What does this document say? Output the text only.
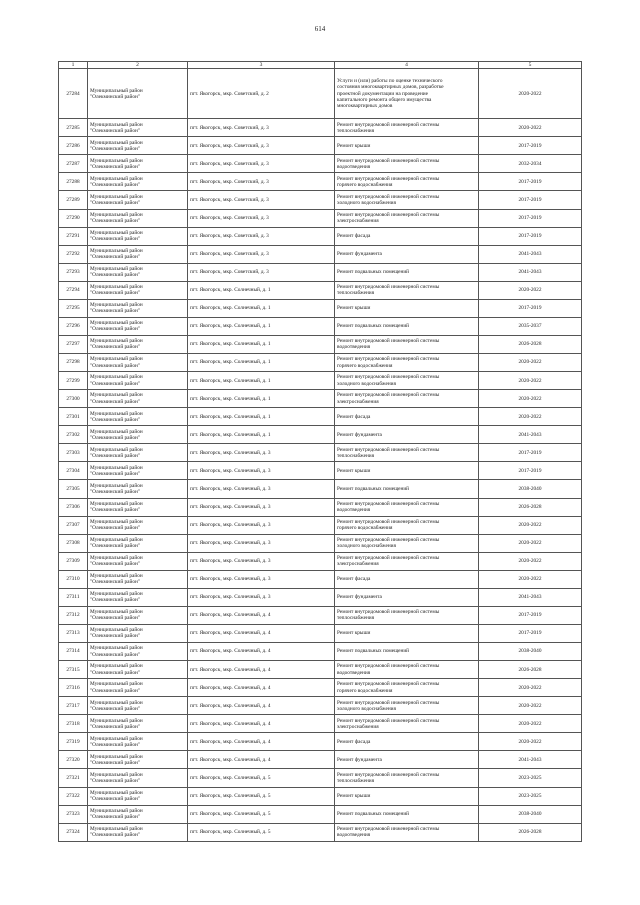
614
1	2	3	4	5
27284	Муниципальный район
"Олекминский район"	пгт. Якогорск, мкр. Советский, д. 2	Услуги и (или) работы по оценке технического
состояния многоквартирных домов, разработке
проектной документации на проведение
капитального ремонта общего имущества
многоквартирных домов	2020-2022
27285	Муниципальный район
"Олекминский район"	пгт. Якогорск, мкр. Советский, д. 3	Ремонт внутридомовой инженерной системы
теплоснабжения	2020-2022
27286	Муниципальный район
"Олекминский район"	пгт. Якогорск, мкр. Советский, д. 3	Ремонт крыши	2017-2019
27287	Муниципальный район
"Олекминский район"	пгт. Якогорск, мкр. Советский, д. 3	Ремонт внутридомовой инженерной системы
водоотведения	2032-2034
27288	Муниципальный район
"Олекминский район"	пгт. Якогорск, мкр. Советский, д. 3	Ремонт внутридомовой инженерной системы
горячего водоснабжения	2017-2019
27289	Муниципальный район
"Олекминский район"	пгт. Якогорск, мкр. Советский, д. 3	Ремонт внутридомовой инженерной системы
холодного водоснабжения	2017-2019
27290	Муниципальный район
"Олекминский район"	пгт. Якогорск, мкр. Советский, д. 3	Ремонт внутридомовой инженерной системы
электроснабжения	2017-2019
27291	Муниципальный район
"Олекминский район"	пгт. Якогорск, мкр. Советский, д. 3	Ремонт фасада	2017-2019
27292	Муниципальный район
"Олекминский район"	пгт. Якогорск, мкр. Советский, д. 3	Ремонт фундамента	2041-2043
27293	Муниципальный район
"Олекминский район"	пгт. Якогорск, мкр. Советский, д. 3	Ремонт подвальных помещений	2041-2043
27294	Муниципальный район
"Олекминский район"	пгт. Якогорск, мкр. Солнечный, д. 1	Ремонт внутридомовой инженерной системы
теплоснабжения	2020-2022
27295	Муниципальный район
"Олекминский район"	пгт. Якогорск, мкр. Солнечный, д. 1	Ремонт крыши	2017-2019
27296	Муниципальный район
"Олекминский район"	пгт. Якогорск, мкр. Солнечный, д. 1	Ремонт подвальных помещений	2035-2037
27297	Муниципальный район
"Олекминский район"	пгт. Якогорск, мкр. Солнечный, д. 1	Ремонт внутридомовой инженерной системы
водоотведения	2026-2028
27298	Муниципальный район
"Олекминский район"	пгт. Якогорск, мкр. Солнечный, д. 1	Ремонт внутридомовой инженерной системы
горячего водоснабжения	2020-2022
27299	Муниципальный район
"Олекминский район"	пгт. Якогорск, мкр. Солнечный, д. 1	Ремонт внутридомовой инженерной системы
холодного водоснабжения	2020-2022
27300	Муниципальный район
"Олекминский район"	пгт. Якогорск, мкр. Солнечный, д. 1	Ремонт внутридомовой инженерной системы
электроснабжения	2020-2022
27301	Муниципальный район
"Олекминский район"	пгт. Якогорск, мкр. Солнечный, д. 1	Ремонт фасада	2020-2022
27302	Муниципальный район
"Олекминский район"	пгт. Якогорск, мкр. Солнечный, д. 1	Ремонт фундамента	2041-2043
27303	Муниципальный район
"Олекминский район"	пгт. Якогорск, мкр. Солнечный, д. 3	Ремонт внутридомовой инженерной системы
теплоснабжения	2017-2019
27304	Муниципальный район
"Олекминский район"	пгт. Якогорск, мкр. Солнечный, д. 3	Ремонт крыши	2017-2019
27305	Муниципальный район
"Олекминский район"	пгт. Якогорск, мкр. Солнечный, д. 3	Ремонт подвальных помещений	2038-2040
27306	Муниципальный район
"Олекминский район"	пгт. Якогорск, мкр. Солнечный, д. 3	Ремонт внутридомовой инженерной системы
водоотведения	2026-2028
27307	Муниципальный район
"Олекминский район"	пгт. Якогорск, мкр. Солнечный, д. 3	Ремонт внутридомовой инженерной системы
горячего водоснабжения	2020-2022
27308	Муниципальный район
"Олекминский район"	пгт. Якогорск, мкр. Солнечный, д. 3	Ремонт внутридомовой инженерной системы
холодного водоснабжения	2020-2022
27309	Муниципальный район
"Олекминский район"	пгт. Якогорск, мкр. Солнечный, д. 3	Ремонт внутридомовой инженерной системы
электроснабжения	2020-2022
27310	Муниципальный район
"Олекминский район"	пгт. Якогорск, мкр. Солнечный, д. 3	Ремонт фасада	2020-2022
27311	Муниципальный район
"Олекминский район"	пгт. Якогорск, мкр. Солнечный, д. 3	Ремонт фундамента	2041-2043
27312	Муниципальный район
"Олекминский район"	пгт. Якогорск, мкр. Солнечный, д. 4	Ремонт внутридомовой инженерной системы
теплоснабжения	2017-2019
27313	Муниципальный район
"Олекминский район"	пгт. Якогорск, мкр. Солнечный, д. 4	Ремонт крыши	2017-2019
27314	Муниципальный район
"Олекминский район"	пгт. Якогорск, мкр. Солнечный, д. 4	Ремонт подвальных помещений	2038-2040
27315	Муниципальный район
"Олекминский район"	пгт. Якогорск, мкр. Солнечный, д. 4	Ремонт внутридомовой инженерной системы
водоотведения	2026-2028
27316	Муниципальный район
"Олекминский район"	пгт. Якогорск, мкр. Солнечный, д. 4	Ремонт внутридомовой инженерной системы
горячего водоснабжения	2020-2022
27317	Муниципальный район
"Олекминский район"	пгт. Якогорск, мкр. Солнечный, д. 4	Ремонт внутридомовой инженерной системы
холодного водоснабжения	2020-2022
27318	Муниципальный район
"Олекминский район"	пгт. Якогорск, мкр. Солнечный, д. 4	Ремонт внутридомовой инженерной системы
электроснабжения	2020-2022
27319	Муниципальный район
"Олекминский район"	пгт. Якогорск, мкр. Солнечный, д. 4	Ремонт фасада	2020-2022
27320	Муниципальный район
"Олекминский район"	пгт. Якогорск, мкр. Солнечный, д. 4	Ремонт фундамента	2041-2043
27321	Муниципальный район
"Олекминский район"	пгт. Якогорск, мкр. Солнечный, д. 5	Ремонт внутридомовой инженерной системы
теплоснабжения	2023-2025
27322	Муниципальный район
"Олекминский район"	пгт. Якогорск, мкр. Солнечный, д. 5	Ремонт крыши	2023-2025
27323	Муниципальный район
"Олекминский район"	пгт. Якогорск, мкр. Солнечный, д. 5	Ремонт подвальных помещений	2038-2040
27324	Муниципальный район
"Олекминский район"	пгт. Якогорск, мкр. Солнечный, д. 5	Ремонт внутридомовой инженерной системы
водоотведения	2026-2028
